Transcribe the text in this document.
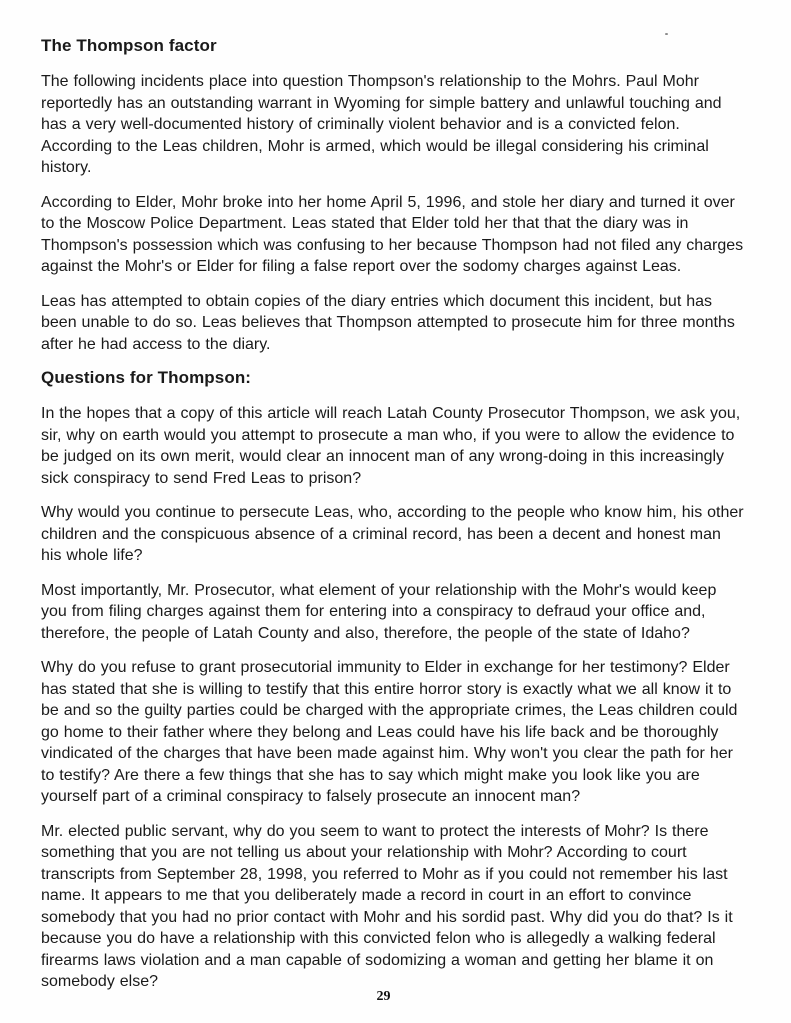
The Thompson factor

The following incidents place into question Thompson's relationship to the Mohrs. Paul Mohr reportedly has an outstanding warrant in Wyoming for simple battery and unlawful touching and has a very well-documented history of criminally violent behavior and is a convicted felon. According to the Leas children, Mohr is armed, which would be illegal considering his criminal history.

According to Elder, Mohr broke into her home April 5, 1996, and stole her diary and turned it over to the Moscow Police Department. Leas stated that Elder told her that that the diary was in Thompson's possession which was confusing to her because Thompson had not filed any charges against the Mohr's or Elder for filing a false report over the sodomy charges against Leas.

Leas has attempted to obtain copies of the diary entries which document this incident, but has been unable to do so. Leas believes that Thompson attempted to prosecute him for three months after he had access to the diary.

Questions for Thompson:

In the hopes that a copy of this article will reach Latah County Prosecutor Thompson, we ask you, sir, why on earth would you attempt to prosecute a man who, if you were to allow the evidence to be judged on its own merit, would clear an innocent man of any wrong-doing in this increasingly sick conspiracy to send Fred Leas to prison?

Why would you continue to persecute Leas, who, according to the people who know him, his other children and the conspicuous absence of a criminal record, has been a decent and honest man his whole life?

Most importantly, Mr. Prosecutor, what element of your relationship with the Mohr's would keep you from filing charges against them for entering into a conspiracy to defraud your office and, therefore, the people of Latah County and also, therefore, the people of the state of Idaho?

Why do you refuse to grant prosecutorial immunity to Elder in exchange for her testimony? Elder has stated that she is willing to testify that this entire horror story is exactly what we all know it to be and so the guilty parties could be charged with the appropriate crimes, the Leas children could go home to their father where they belong and Leas could have his life back and be thoroughly vindicated of the charges that have been made against him. Why won't you clear the path for her to testify? Are there a few things that she has to say which might make you look like you are yourself part of a criminal conspiracy to falsely prosecute an innocent man?

Mr. elected public servant, why do you seem to want to protect the interests of Mohr? Is there something that you are not telling us about your relationship with Mohr? According to court transcripts from September 28, 1998, you referred to Mohr as if you could not remember his last name. It appears to me that you deliberately made a record in court in an effort to convince somebody that you had no prior contact with Mohr and his sordid past. Why did you do that? Is it because you do have a relationship with this convicted felon who is allegedly a walking federal firearms laws violation and a man capable of sodomizing a woman and getting her blame it on somebody else?

29
